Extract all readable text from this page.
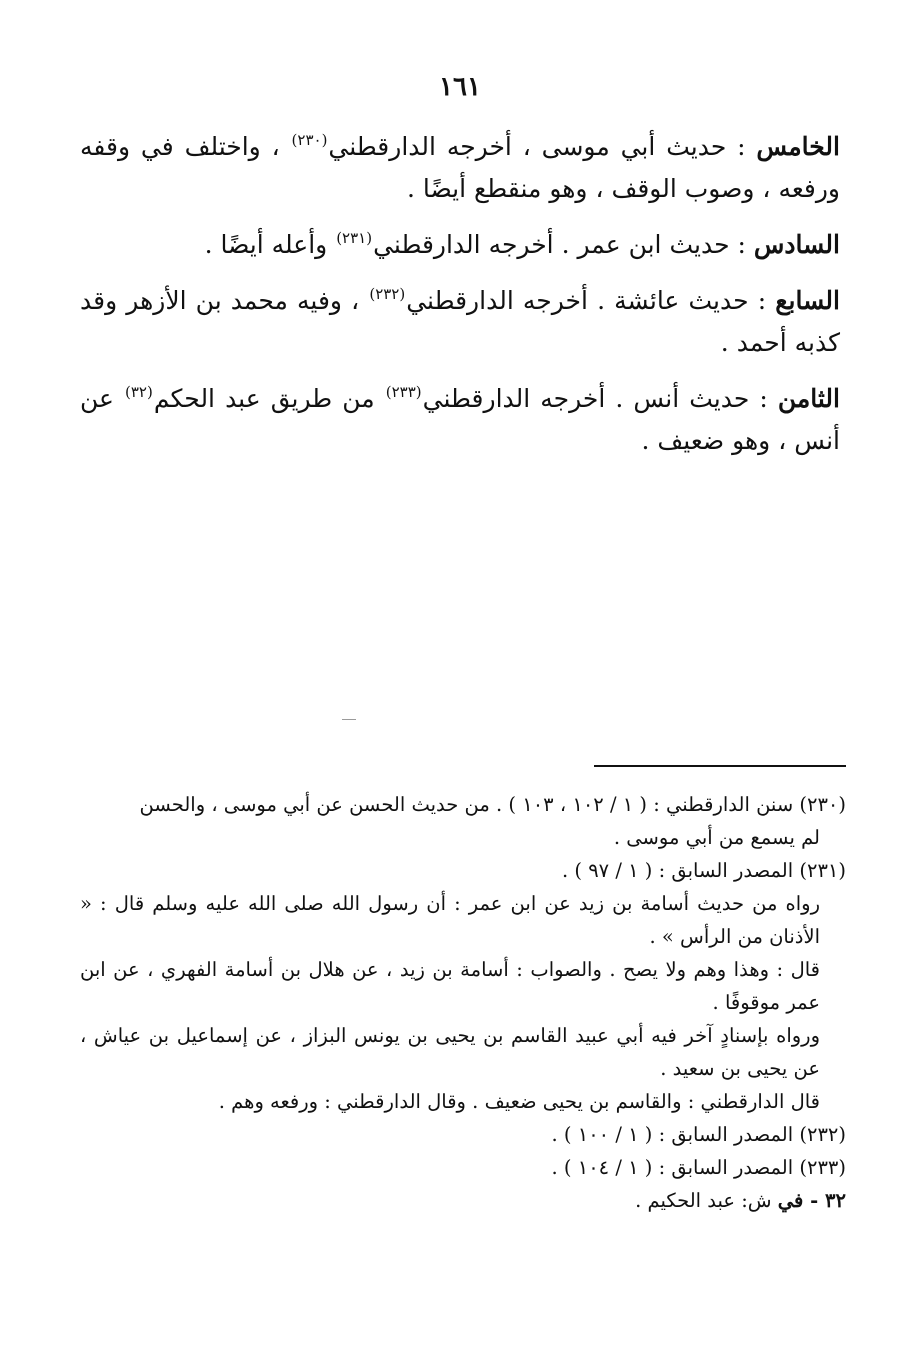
١٦١

الخامس : حديث أبي موسى ، أخرجه الدارقطني$^{(٢٣٠)}$ ، واختلف في وقفه ورفعه ، وصوب الوقف ، وهو منقطع أيضًا .

السادس : حديث ابن عمر . أخرجه الدارقطني$^{(٢٣١)}$ وأعله أيضًا .

السابع : حديث عائشة . أخرجه الدارقطني$^{(٢٣٢)}$ ، وفيه محمد بن الأزهر وقد كذبه أحمد .

الثامن : حديث أنس . أخرجه الدارقطني$^{(٢٣٣)}$ من طريق عبد الحكم$^{(٣٢)}$ عن أنس ، وهو ضعيف .

(٢٣٠) سنن الدارقطني : ( ١ / ١٠٢ ، ١٠٣ ) . من حديث الحسن عن أبي موسى ، والحسن

لم يسمع من أبي موسى .

(٢٣١) المصدر السابق : ( ١ / ٩٧ ) .

رواه من حديث أسامة بن زيد عن ابن عمر : أن رسول الله صلى الله عليه وسلم قال : « الأذنان من الرأس » .

قال : وهذا وهم ولا يصح . والصواب : أسامة بن زيد ، عن هلال بن أسامة الفهري ، عن ابن عمر موقوفًا .

ورواه بإسنادٍ آخر فيه أبي عبيد القاسم بن يحيى بن يونس البزاز ، عن إسماعيل بن عياش ، عن يحيى بن سعيد .

قال الدارقطني : والقاسم بن يحيى ضعيف . وقال الدارقطني : ورفعه وهم .

(٢٣٢) المصدر السابق : ( ١ / ١٠٠ ) .

(٢٣٣) المصدر السابق : ( ١ / ١٠٤ ) .

٣٢ - في ش: عبد الحكيم .
